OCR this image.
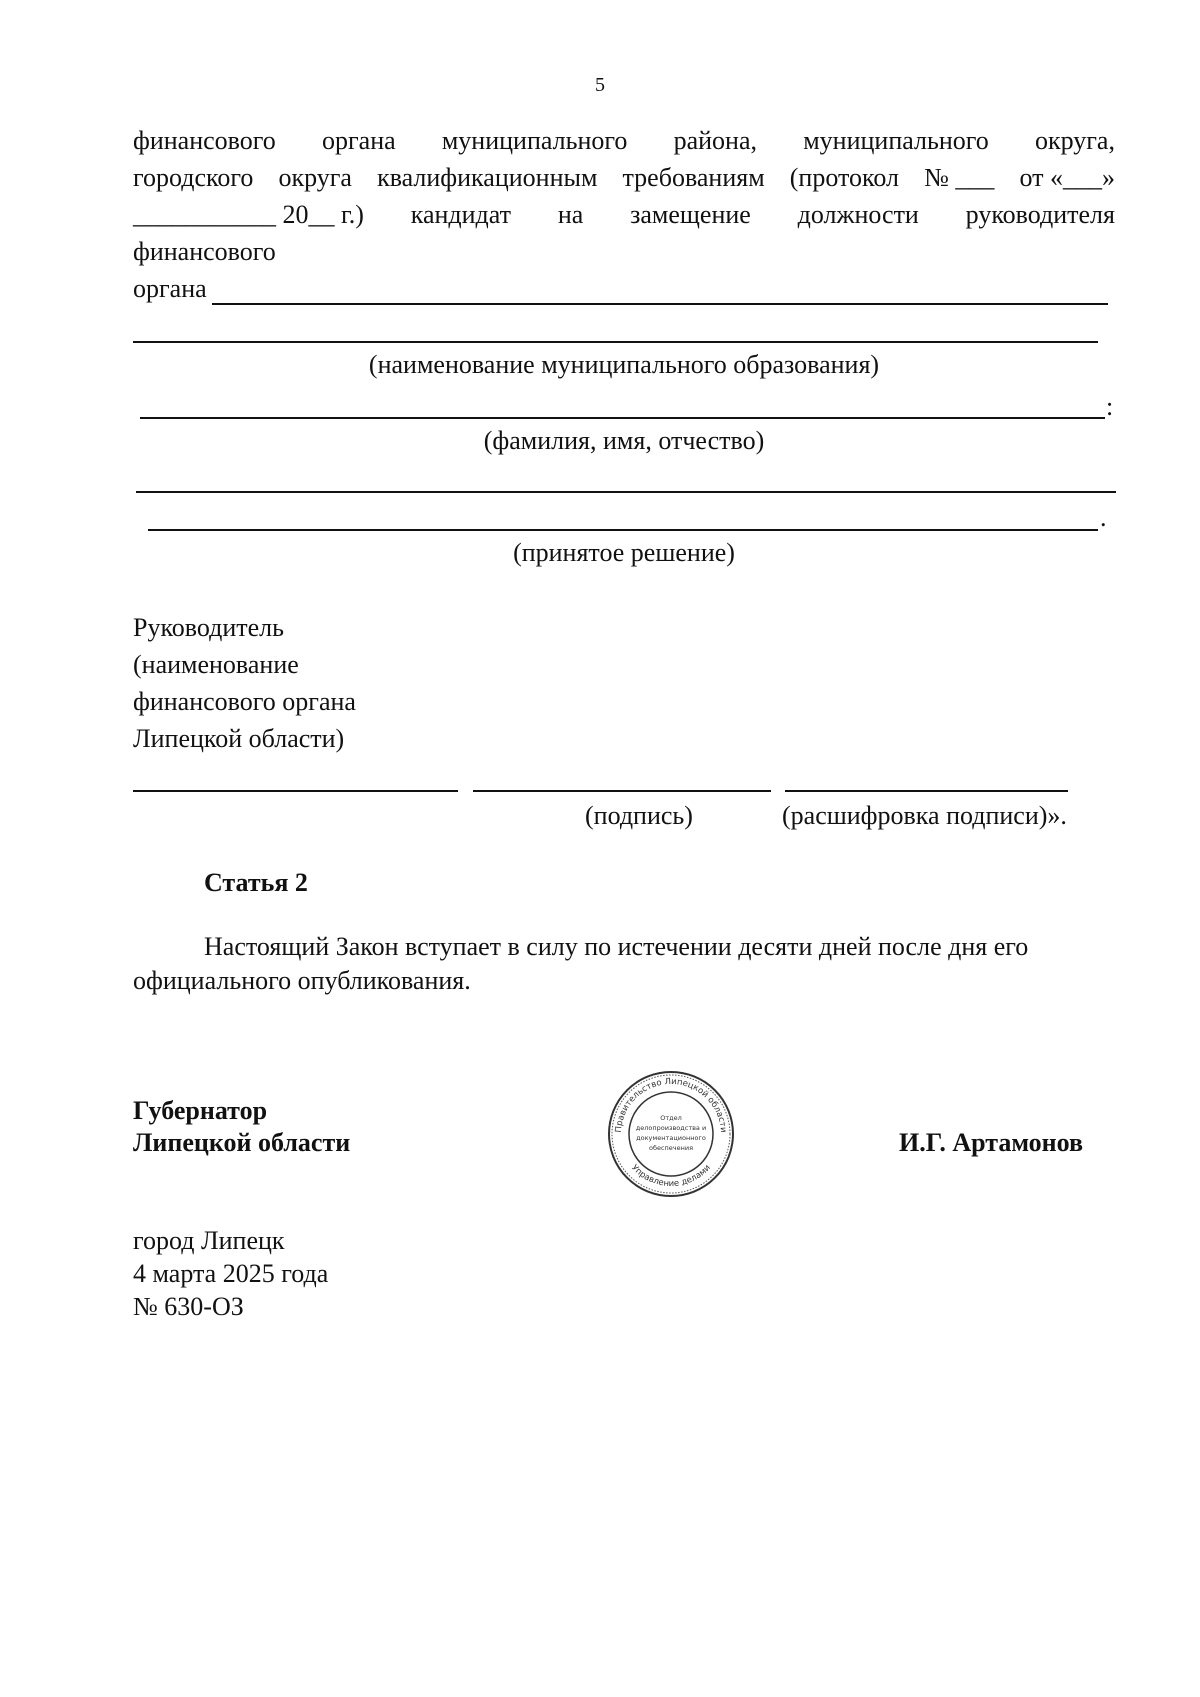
5
финансового органа муниципального района, муниципального округа,
городского округа квалификационным требованиям (протокол № ___ от «___»
___________ 20__ г.) кандидат на замещение должности руководителя
финансового
органа
(наименование муниципального образования)
:
(фамилия, имя, отчество)
.
(принятое решение)
Руководитель
(наименование
финансового органа
Липецкой области)
(подпись)	(расшифровка подписи)».
Статья 2
Настоящий Закон вступает в силу по истечении десяти дней после дня его
официального опубликования.
Губернатор
Липецкой области	И.Г. Артамонов
Правительство Липецкой области
Управление делами
Отдел
делопроизводства и
документационного
обеспечения
город Липецк
4 марта 2025 года
№ 630-ОЗ
